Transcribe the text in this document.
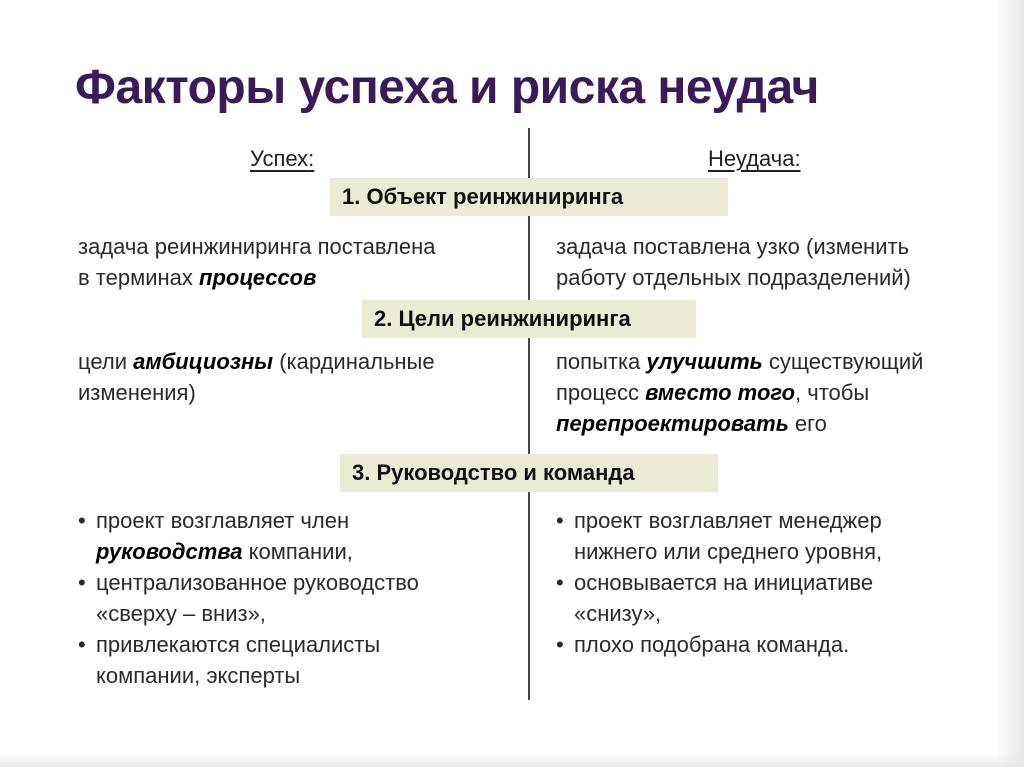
Факторы успеха и риска неудач
Успех:	Неудача:
1. Объект реинжиниринга
задача реинжиниринга поставлена
в терминах процессов
задача поставлена узко (изменить
работу отдельных подразделений)
2. Цели реинжиниринга
цели амбициозны (кардинальные
изменения)
попытка улучшить существующий
процесс вместо того, чтобы
перепроектировать его
3. Руководство и команда
• проект возглавляет член
руководства компании,
• централизованное руководство
«сверху – вниз»,
• привлекаются специалисты
компании, эксперты
• проект возглавляет менеджер
нижнего или среднего уровня,
• основывается на инициативе
«снизу»,
• плохо подобрана команда.
